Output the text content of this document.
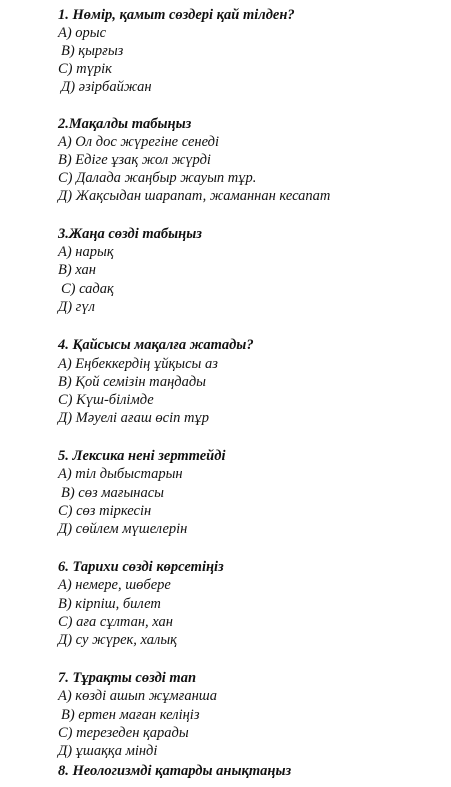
1. Нөмір, қамыт сөздері қай тілден?
А) орыс
В) қырғыз
С) түрік
Д) әзірбайжан
2.Мақалды табыңыз
А) Ол дос жүрегіне сенеді
В) Едіге ұзақ жол жүрді
С) Далада жаңбыр жауып тұр.
Д) Жақсыдан шарапат, жаманнан кесапат
3.Жаңа сөзді табыңыз
А) нарық
В) хан
С) садақ
Д) гүл
4. Қайсысы мақалға жатады?
А) Еңбеккердің ұйқысы аз
В) Қой семізін таңдады
С) Күш-білімде
Д) Мәуелі ағаш өсіп тұр
5. Лексика нені зерттейді
А) тіл дыбыстарын
В) сөз мағынасы
С) сөз тіркесін
Д) сөйлем мүшелерін
6. Тарихи сөзді көрсетіңіз
А) немере, шөбере
В) кірпіш, билет
С) аға сұлтан, хан
Д) су жүрек, халық
7. Тұрақты сөзді тап
А) көзді ашып жұмғанша
В) ертен маған келіңіз
С) терезеден қарады
Д) ұшаққа мінді
8. Неологизмді қатарды анықтаңыз
